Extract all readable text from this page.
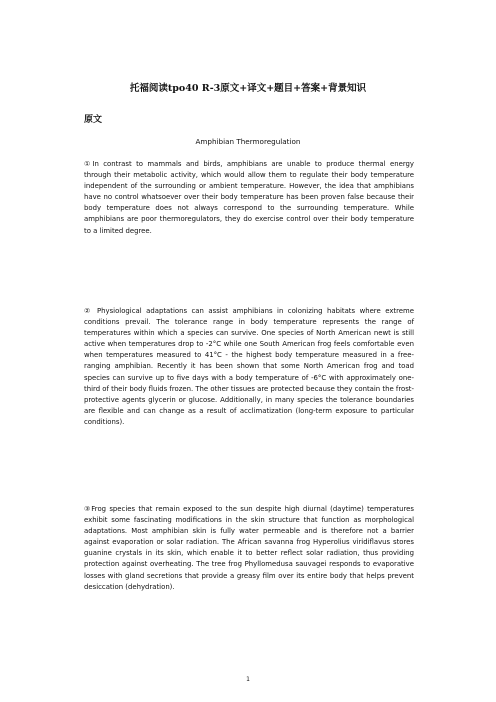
托福阅读tpo40 R-3原文+译文+题目+答案+背景知识
原文
Amphibian Thermoregulation

①In contrast to mammals and birds, amphibians are unable to produce thermal energy through their metabolic activity, which would allow them to regulate their body temperature independent of the surrounding or ambient temperature. However, the idea that amphibians have no control whatsoever over their body temperature has been proven false because their body temperature does not always correspond to the surrounding temperature. While amphibians are poor thermoregulators, they do exercise control over their body temperature to a limited degree.

② Physiological adaptations can assist amphibians in colonizing habitats where extreme conditions prevail. The tolerance range in body temperature represents the range of temperatures within which a species can survive. One species of North American newt is still active when temperatures drop to -2°C while one South American frog feels comfortable even when temperatures measured to 41°C - the highest body temperature measured in a free-ranging amphibian. Recently it has been shown that some North American frog and toad species can survive up to five days with a body temperature of -6°C with approximately one-third of their body fluids frozen. The other tissues are protected because they contain the frost-protective agents glycerin or glucose. Additionally, in many species the tolerance boundaries are flexible and can change as a result of acclimatization (long-term exposure to particular conditions).

③Frog species that remain exposed to the sun despite high diurnal (daytime) temperatures exhibit some fascinating modifications in the skin structure that function as morphological adaptations. Most amphibian skin is fully water permeable and is therefore not a barrier against evaporation or solar radiation. The African savanna frog Hyperolius viridiflavus stores guanine crystals in its skin, which enable it to better reflect solar radiation, thus providing protection against overheating. The tree frog Phyllomedusa sauvagei responds to evaporative losses with gland secretions that provide a greasy film over its entire body that helps prevent desiccation (dehydration).

1
